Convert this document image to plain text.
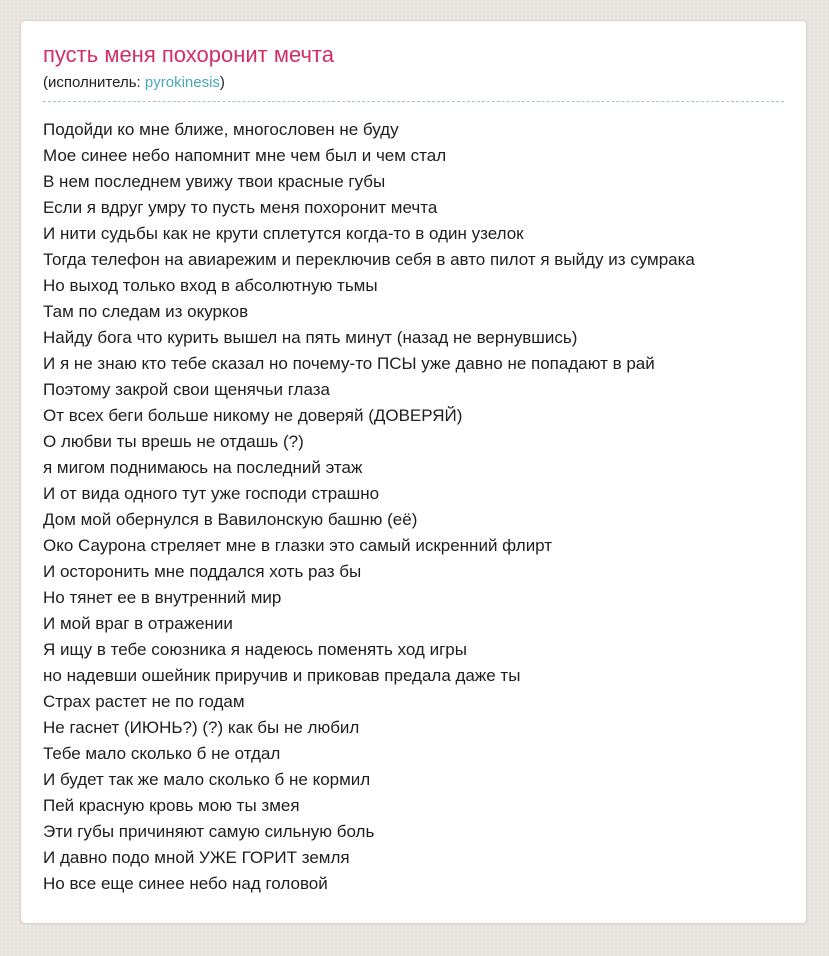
пусть меня похоронит мечта
(исполнитель: pyrokinesis)
Подойди ко мне ближе, многословен не буду
Мое синее небо напомнит мне чем был и чем стал
В нем последнем увижу твои красные губы
Если я вдруг умру то пусть меня похоронит мечта
И нити судьбы как не крути сплетутся когда-то в один узелок
Тогда телефон на авиарежим и переключив себя в авто пилот я выйду из сумрака
Но выход только вход в абсолютную тьмы
Там по следам из окурков
Найду бога что курить вышел на пять минут (назад не вернувшись)
И я не знаю кто тебе сказал но почему-то ПСЫ уже давно не попадают в рай
Поэтому закрой свои щенячьи глаза
От всех беги больше никому не доверяй (ДОВЕРЯЙ)
О любви ты врешь не отдашь (?)
я мигом поднимаюсь на последний этаж
И от вида одного тут уже господи страшно
Дом мой обернулся в Вавилонскую башню (её)
Око Саурона стреляет мне в глазки это самый искренний флирт
И осторонить мне поддался хоть раз бы
Но тянет ее в внутренний мир
И мой враг в отражении
Я ищу в тебе союзника я надеюсь поменять ход игры
но надевши ошейник приручив и приковав предала даже ты
Страх растет не по годам
Не гаснет (ИЮНЬ?) (?) как бы не любил
Тебе мало сколько б не отдал
И будет так же мало сколько б не кормил
Пей красную кровь мою ты змея
Эти губы причиняют самую сильную боль
И давно подо мной УЖЕ ГОРИТ земля
Но все еще синее небо над головой
